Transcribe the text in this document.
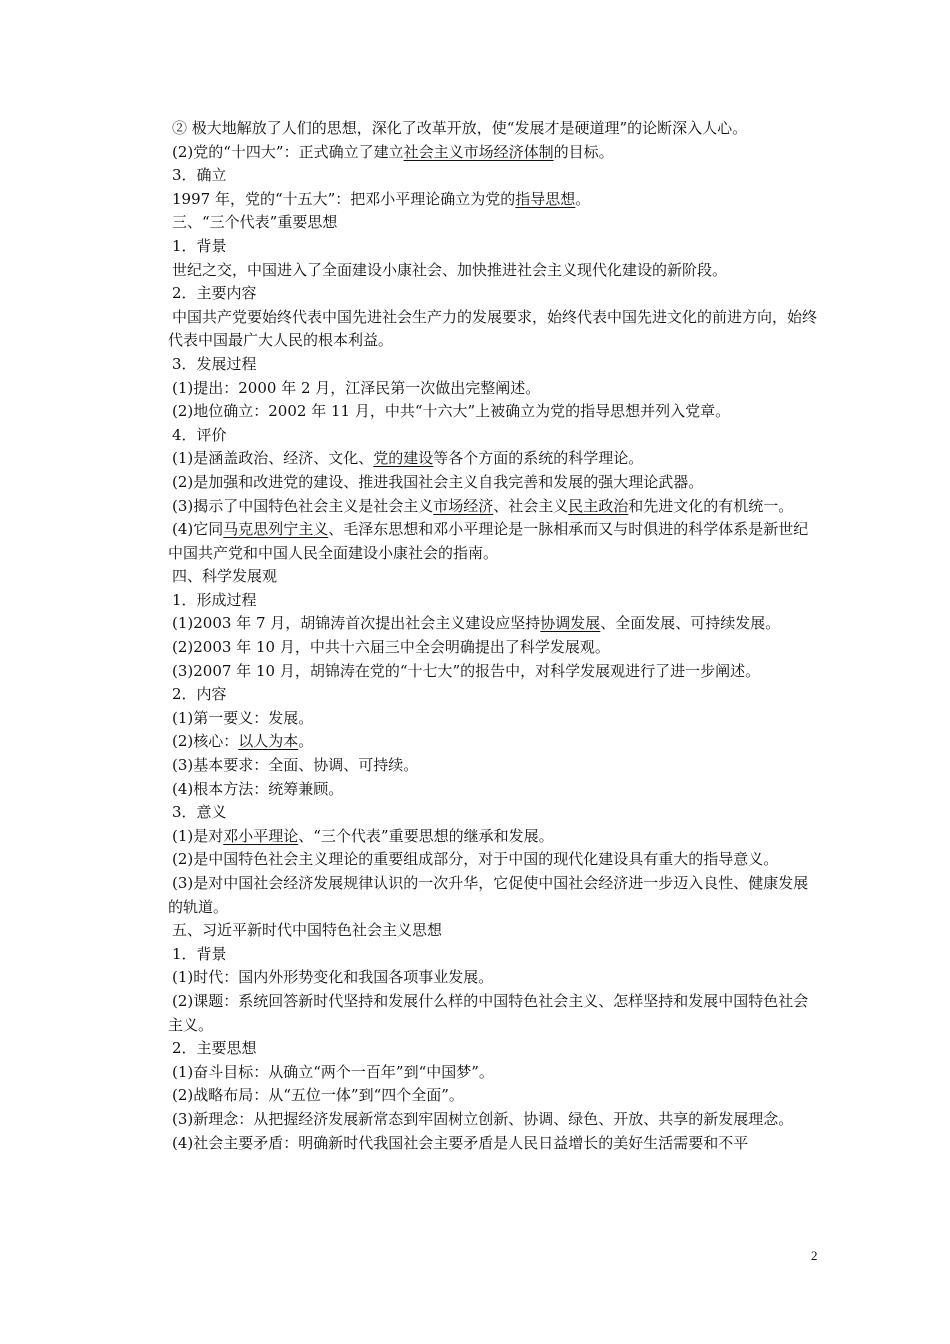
② 极大地解放了人们的思想，深化了改革开放，使“发展才是硬道理”的论断深入人心。
(2)党的“十四大”：正式确立了建立社会主义市场经济体制的目标。
3．确立
1997 年，党的“十五大”：把邓小平理论确立为党的指导思想。
三、“三个代表”重要思想
1．背景
世纪之交，中国进入了全面建设小康社会、加快推进社会主义现代化建设的新阶段。
2．主要内容
中国共产党要始终代表中国先进社会生产力的发展要求，始终代表中国先进文化的前进方向，始终代表中国最广大人民的根本利益。
3．发展过程
(1)提出：2000 年 2 月，江泽民第一次做出完整阐述。
(2)地位确立：2002 年 11 月，中共“十六大”上被确立为党的指导思想并列入党章。
4．评价
(1)是涵盖政治、经济、文化、党的建设等各个方面的系统的科学理论。
(2)是加强和改进党的建设、推进我国社会主义自我完善和发展的强大理论武器。
(3)揭示了中国特色社会主义是社会主义市场经济、社会主义民主政治和先进文化的有机统一。
(4)它同马克思列宁主义、毛泽东思想和邓小平理论是一脉相承而又与时俱进的科学体系是新世纪中国共产党和中国人民全面建设小康社会的指南。
四、科学发展观
1．形成过程
(1)2003 年 7 月，胡锦涛首次提出社会主义建设应坚持协调发展、全面发展、可持续发展。
(2)2003 年 10 月，中共十六届三中全会明确提出了科学发展观。
(3)2007 年 10 月，胡锦涛在党的“十七大”的报告中，对科学发展观进行了进一步阐述。
2．内容
(1)第一要义：发展。
(2)核心：以人为本。
(3)基本要求：全面、协调、可持续。
(4)根本方法：统筹兼顾。
3．意义
(1)是对邓小平理论、“三个代表”重要思想的继承和发展。
(2)是中国特色社会主义理论的重要组成部分，对于中国的现代化建设具有重大的指导意义。
(3)是对中国社会经济发展规律认识的一次升华，它促使中国社会经济进一步迈入良性、健康发展的轨道。
五、习近平新时代中国特色社会主义思想
1．背景
(1)时代：国内外形势变化和我国各项事业发展。
(2)课题：系统回答新时代坚持和发展什么样的中国特色社会主义、怎样坚持和发展中国特色社会主义。
2．主要思想
(1)奋斗目标：从确立“两个一百年”到“中国梦”。
(2)战略布局：从“五位一体”到“四个全面”。
(3)新理念：从把握经济发展新常态到牢固树立创新、协调、绿色、开放、共享的新发展理念。
(4)社会主要矛盾：明确新时代我国社会主要矛盾是人民日益增长的美好生活需要和不平
2
